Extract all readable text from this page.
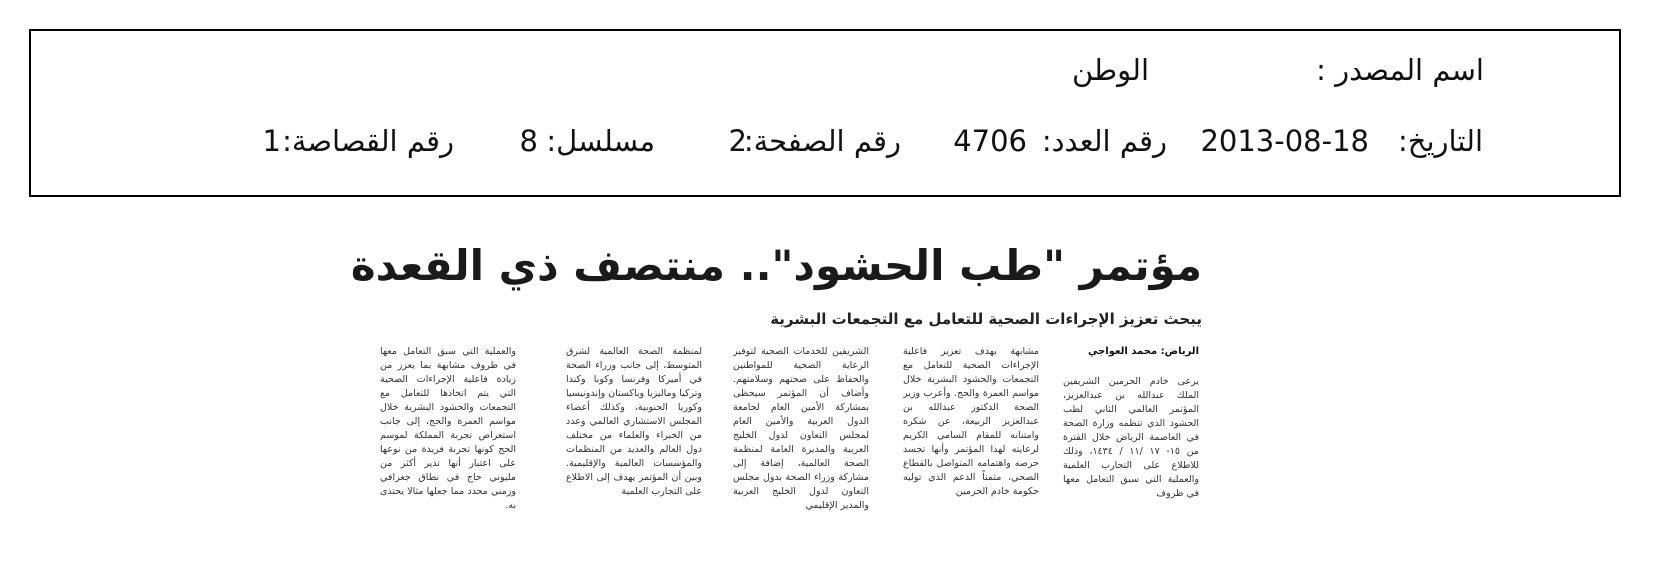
اسم المصدر :
الوطن
التاريخ:
2013-08-18
رقم العدد:
4706
رقم الصفحة:
2
مسلسل:
8
رقم القصاصة:
1
مؤتمر "طب الحشود".. منتصف ذي القعدة
يبحث تعزيز الإجراءات الصحية للتعامل مع التجمعات البشرية
الرياض: محمد العواجي
يرعى خادم الحرمين الشريفين الملك عبدالله بن عبدالعزيز، المؤتمر العالمي الثاني لطب الحشود الذي تنظمه وزارة الصحة في العاصمة الرياض خلال الفترة من ١٥- ١٧ /١١ / ١٤٣٤، وذلك للاطلاع على التجارب العلمية والعملية التي سبق التعامل معها في ظروف
مشابهة بهدف تعزيز فاعلية الإجراءات الصحية للتعامل مع التجمعات والحشود البشرية خلال مواسم العمرة والحج. وأعرب وزير الصحة الدكتور عبدالله بن عبدالعزيز الربيعة، عن شكره وامتنانه للمقام السامي الكريم لرعايته لهذا المؤتمر وأنها تجسد حرصه واهتمامه المتواصل بالقطاع الصحي، مثمناً الدعم الذي توليه حكومة خادم الحرمين
الشريفين للخدمات الصحية لتوفير الرعاية الصحية للمواطنين والحفاظ على صحتهم وسلامتهم. وأضاف أن المؤتمر سيحظى بمشاركة الأمين العام لجامعة الدول العربية والأمين العام لمجلس التعاون لدول الخليج العربية والمديرة العامة لمنظمة الصحة العالمية، إضافة إلى مشاركة وزراء الصحة بدول مجلس التعاون لدول الخليج العربية والمدير الإقليمي
لمنظمة الصحة العالمية لشرق المتوسط، إلى جانب وزراء الصحة في أميركا وفرنسا وكوبا وكندا وتركيا وماليزيا وباكستان وإندونيسيا وكوريا الجنوبية، وكذلك أعضاء المجلس الاستشاري العالمي وعدد من الخبراء والعلماء من مختلف دول العالم والعديد من المنظمات والمؤسسات العالمية والإقليمية. وبين أن المؤتمر يهدف إلى الاطلاع على التجارب العلمية
والعملية التي سبق التعامل معها في ظروف مشابهة بما يعزز من زيادة فاعلية الإجراءات الصحية التي يتم اتخاذها للتعامل مع التجمعات والحشود البشرية خلال مواسم العمرة والحج، إلى جانب استعراض تجربة المملكة لموسم الحج كونها تجربة فريدة من نوعها على اعتبار أنها تدير أكثر من مليوني حاج في نطاق جغرافي وزمني محدد مما جعلها مثالا يحتذى به.
